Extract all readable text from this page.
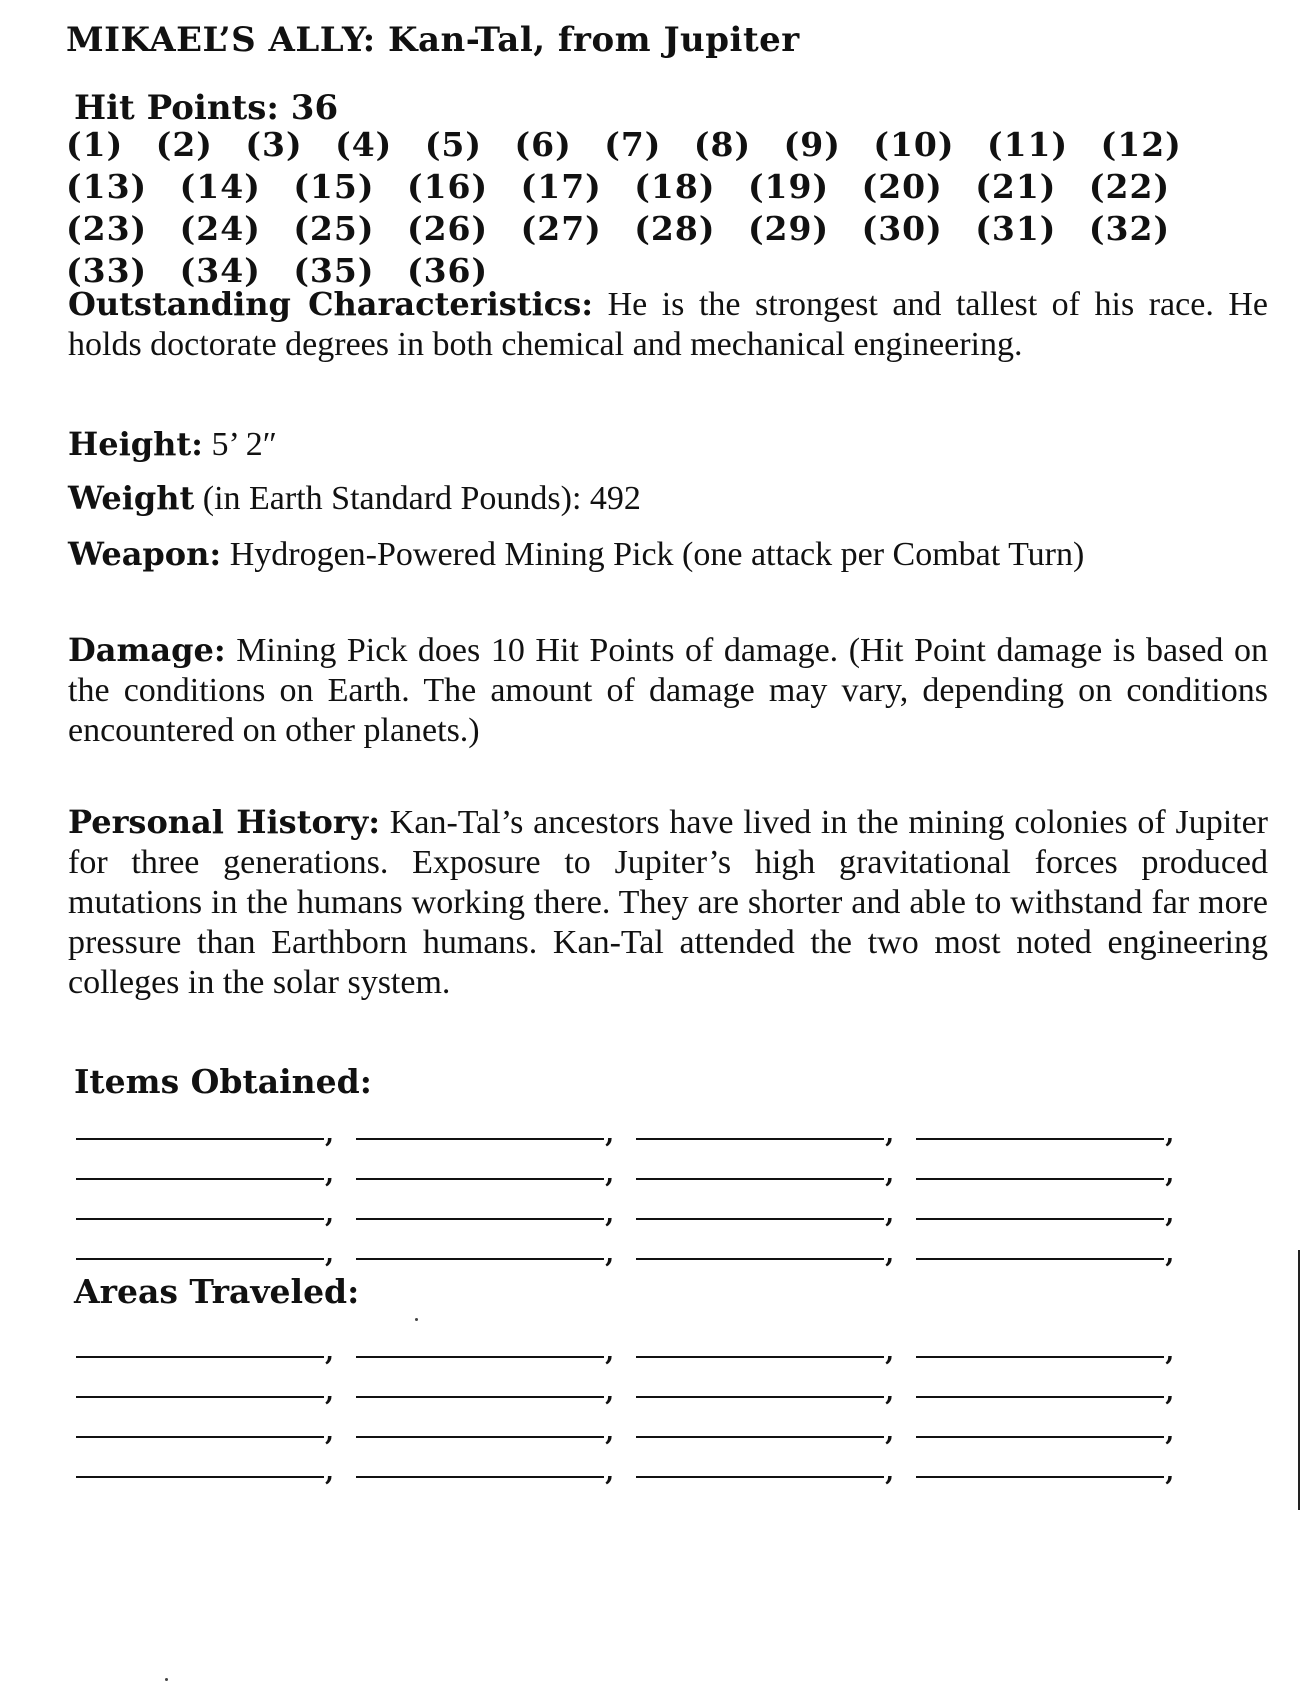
MIKAEL’S ALLY: Kan-Tal, from Jupiter
Hit Points: 36
(1) (2) (3) (4) (5) (6) (7) (8) (9) (10) (11) (12) (13) (14) (15) (16) (17) (18) (19) (20) (21) (22) (23) (24) (25) (26) (27) (28) (29) (30) (31) (32) (33) (34) (35) (36)
Outstanding Characteristics: He is the strongest and tallest of his race. He holds doctorate degrees in both chemical and mechanical engineering.
Height: 5’ 2″
Weight (in Earth Standard Pounds): 492
Weapon: Hydrogen-Powered Mining Pick (one attack per Combat Turn)
Damage: Mining Pick does 10 Hit Points of damage. (Hit Point damage is based on the conditions on Earth. The amount of damage may vary, depending on conditions encountered on other planets.)
Personal History: Kan-Tal’s ancestors have lived in the mining colonies of Jupiter for three generations. Exposure to Jupiter’s high gravitational forces produced mutations in the humans working there. They are shorter and able to withstand far more pressure than Earthborn humans. Kan-Tal attended the two most noted engineering colleges in the solar system.
Items Obtained:
,	,	,	,
,	,	,	,
,	,	,	,
,	,	,	,
Areas Traveled:
,	,	,	,
,	,	,	,
,	,	,	,
,	,	,	,
